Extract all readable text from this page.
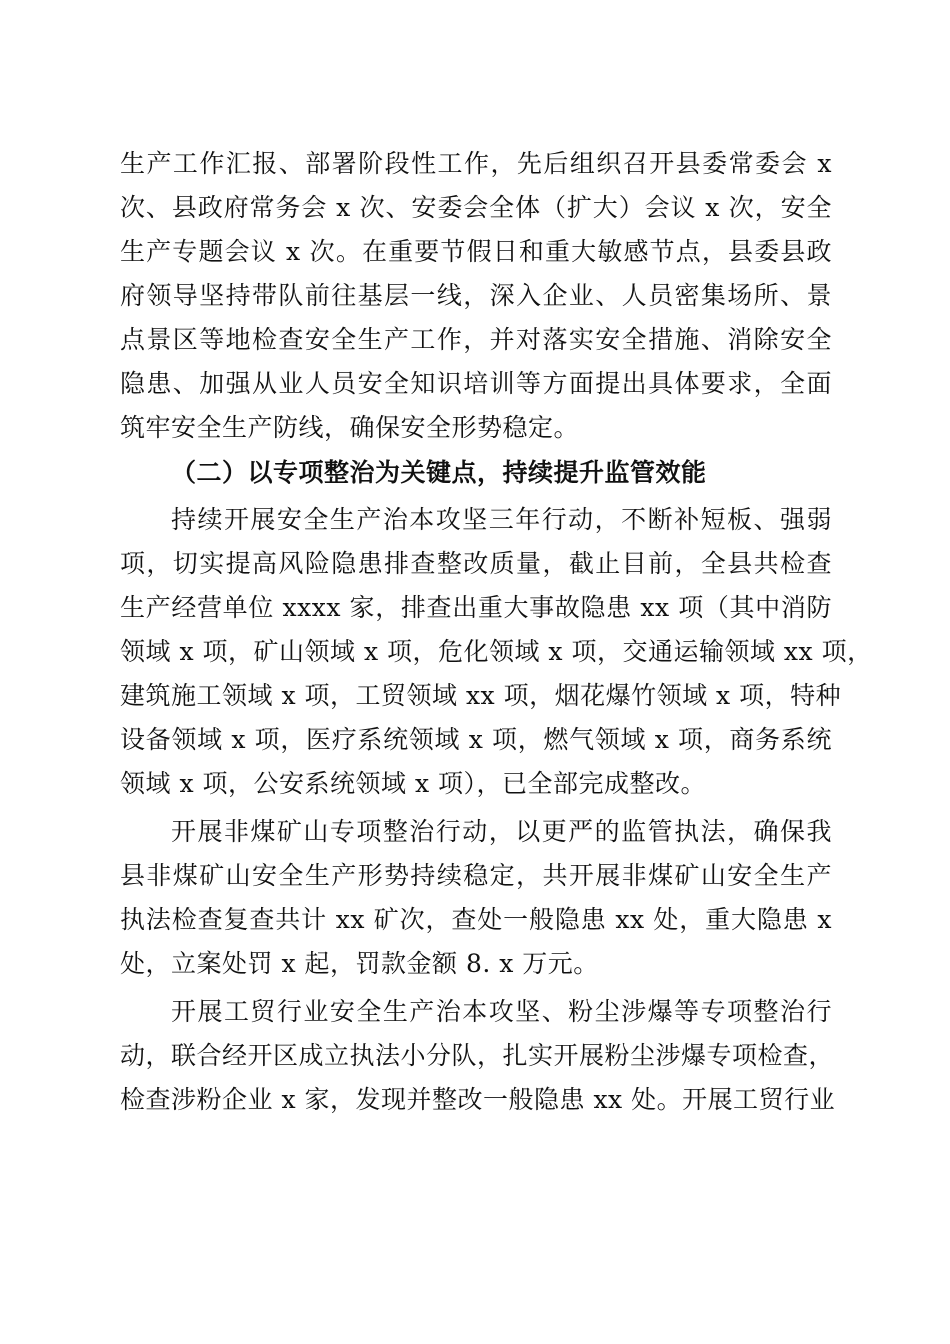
生产工作汇报、部署阶段性工作，先后组织召开县委常委会 x
次、县政府常务会 x 次、安委会全体（扩大）会议 x 次，安全
生产专题会议 x 次。在重要节假日和重大敏感节点，县委县政
府领导坚持带队前往基层一线，深入企业、人员密集场所、景
点景区等地检查安全生产工作，并对落实安全措施、消除安全
隐患、加强从业人员安全知识培训等方面提出具体要求，全面
筑牢安全生产防线，确保安全形势稳定。
（二）以专项整治为关键点，持续提升监管效能
持续开展安全生产治本攻坚三年行动，不断补短板、强弱
项，切实提高风险隐患排查整改质量，截止目前，全县共检查
生产经营单位 xxxx 家，排查出重大事故隐患 xx 项（其中消防
领域 x 项，矿山领域 x 项，危化领域 x 项，交通运输领域 xx 项，
建筑施工领域 x 项，工贸领域 xx 项，烟花爆竹领域 x 项，特种
设备领域 x 项，医疗系统领域 x 项，燃气领域 x 项，商务系统
领域 x 项，公安系统领域 x 项），已全部完成整改。
开展非煤矿山专项整治行动，以更严的监管执法，确保我
县非煤矿山安全生产形势持续稳定，共开展非煤矿山安全生产
执法检查复查共计 xx 矿次，查处一般隐患 xx 处，重大隐患 x
处，立案处罚 x 起，罚款金额 8. x 万元。
开展工贸行业安全生产治本攻坚、粉尘涉爆等专项整治行
动，联合经开区成立执法小分队，扎实开展粉尘涉爆专项检查，
检查涉粉企业 x 家，发现并整改一般隐患 xx 处。开展工贸行业
